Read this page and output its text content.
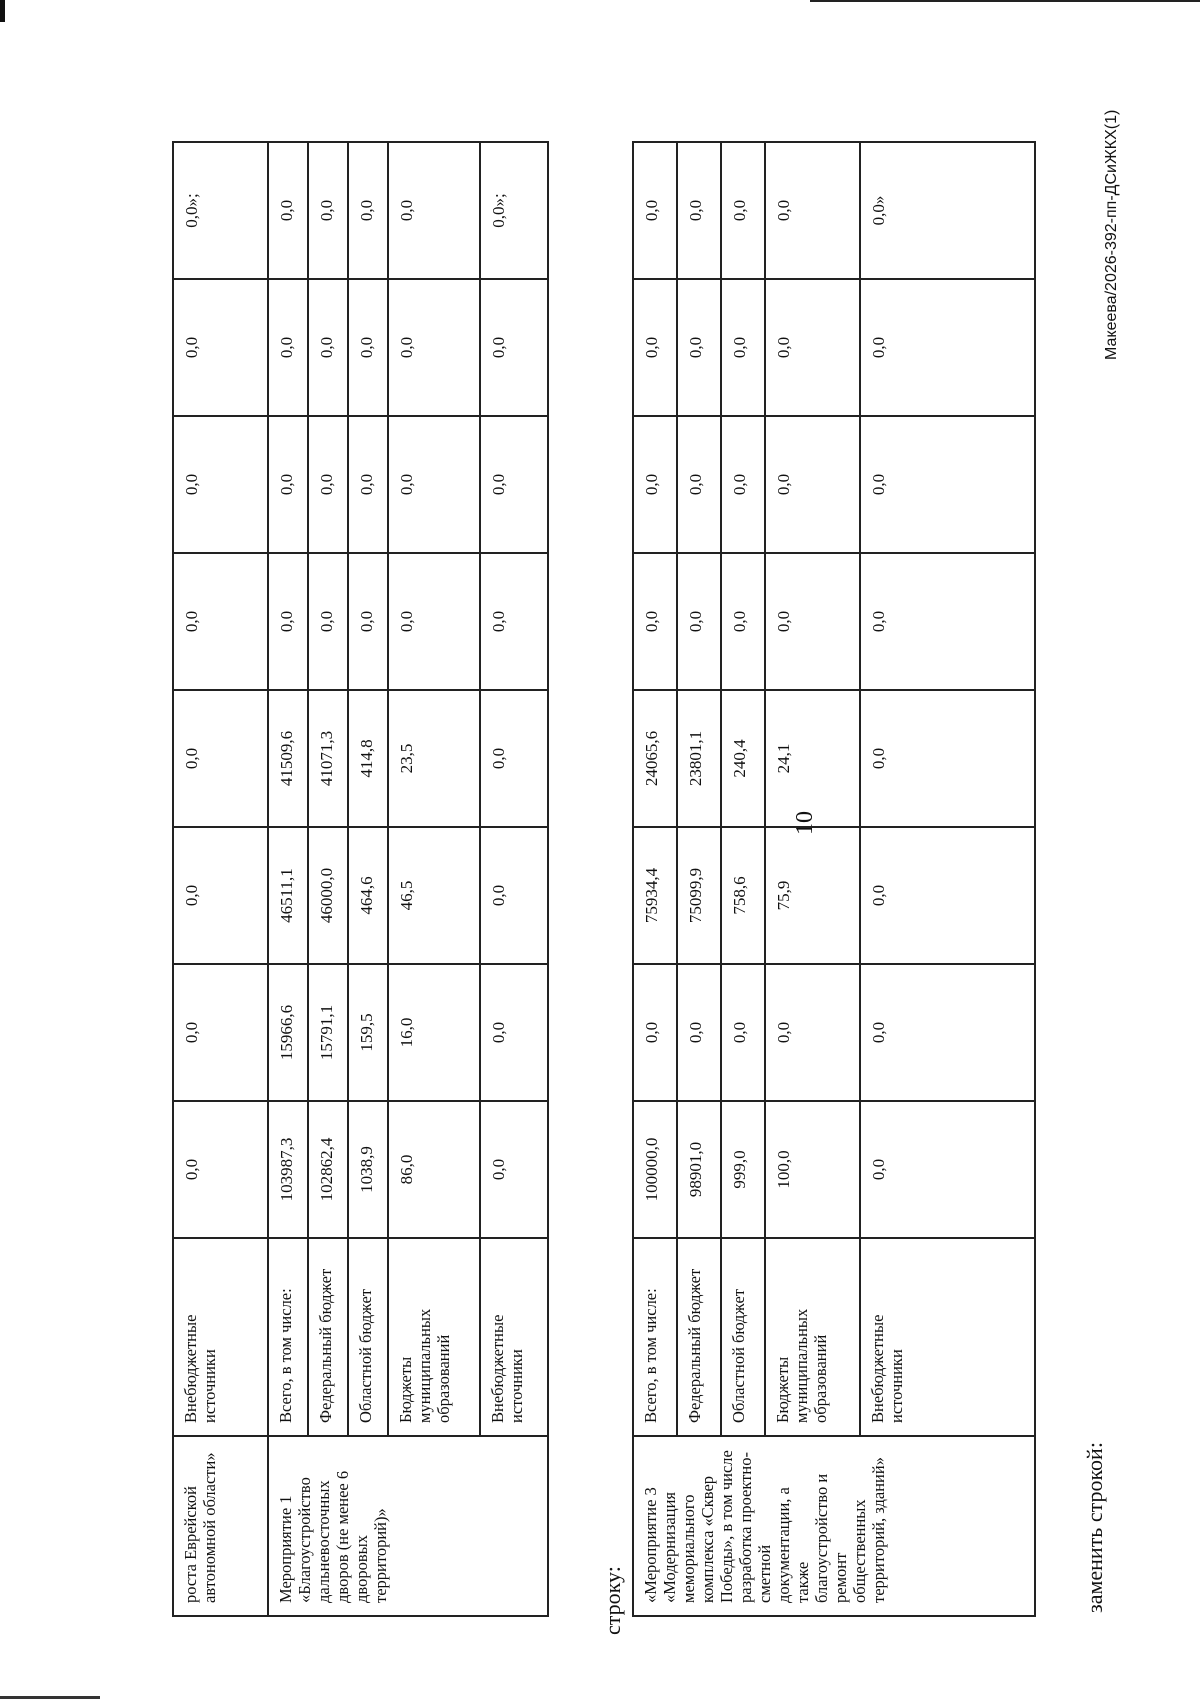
10
роста Еврейской автономной области»	Внебюджетные источники	0,0	0,0	0,0	0,0	0,0	0,0	0,0	0,0»;
Мероприятие 1 «Благоустройство дальневосточных дворов (не менее 6 дворовых территорий)»	Всего, в том числе:	103987,3	15966,6	46511,1	41509,6	0,0	0,0	0,0	0,0
	Федеральный бюджет	102862,4	15791,1	46000,0	41071,3	0,0	0,0	0,0	0,0
	Областной бюджет	1038,9	159,5	464,6	414,8	0,0	0,0	0,0	0,0
	Бюджеты муниципальных образований	86,0	16,0	46,5	23,5	0,0	0,0	0,0	0,0
	Внебюджетные источники	0,0	0,0	0,0	0,0	0,0	0,0	0,0	0,0»;
строку: «Мероприятие 3 «Модернизация мемориального комплекса «Сквер Победы», в том числе разработка проектно-сметной документации, а также благоустройство и ремонт общественных территорий, зданий»	Всего, в том числе:	100000,0	0,0	75934,4	24065,6	0,0	0,0	0,0	0,0
	Федеральный бюджет	98901,0	0,0	75099,9	23801,1	0,0	0,0	0,0	0,0
	Областной бюджет	999,0	0,0	758,6	240,4	0,0	0,0	0,0	0,0
	Бюджеты муниципальных образований	100,0	0,0	75,9	24,1	0,0	0,0	0,0	0,0
	Внебюджетные источники	0,0	0,0	0,0	0,0	0,0	0,0	0,0	0,0»
заменить строкой:
Макеева/2026-392-пп-ДСиЖКХ(1)
